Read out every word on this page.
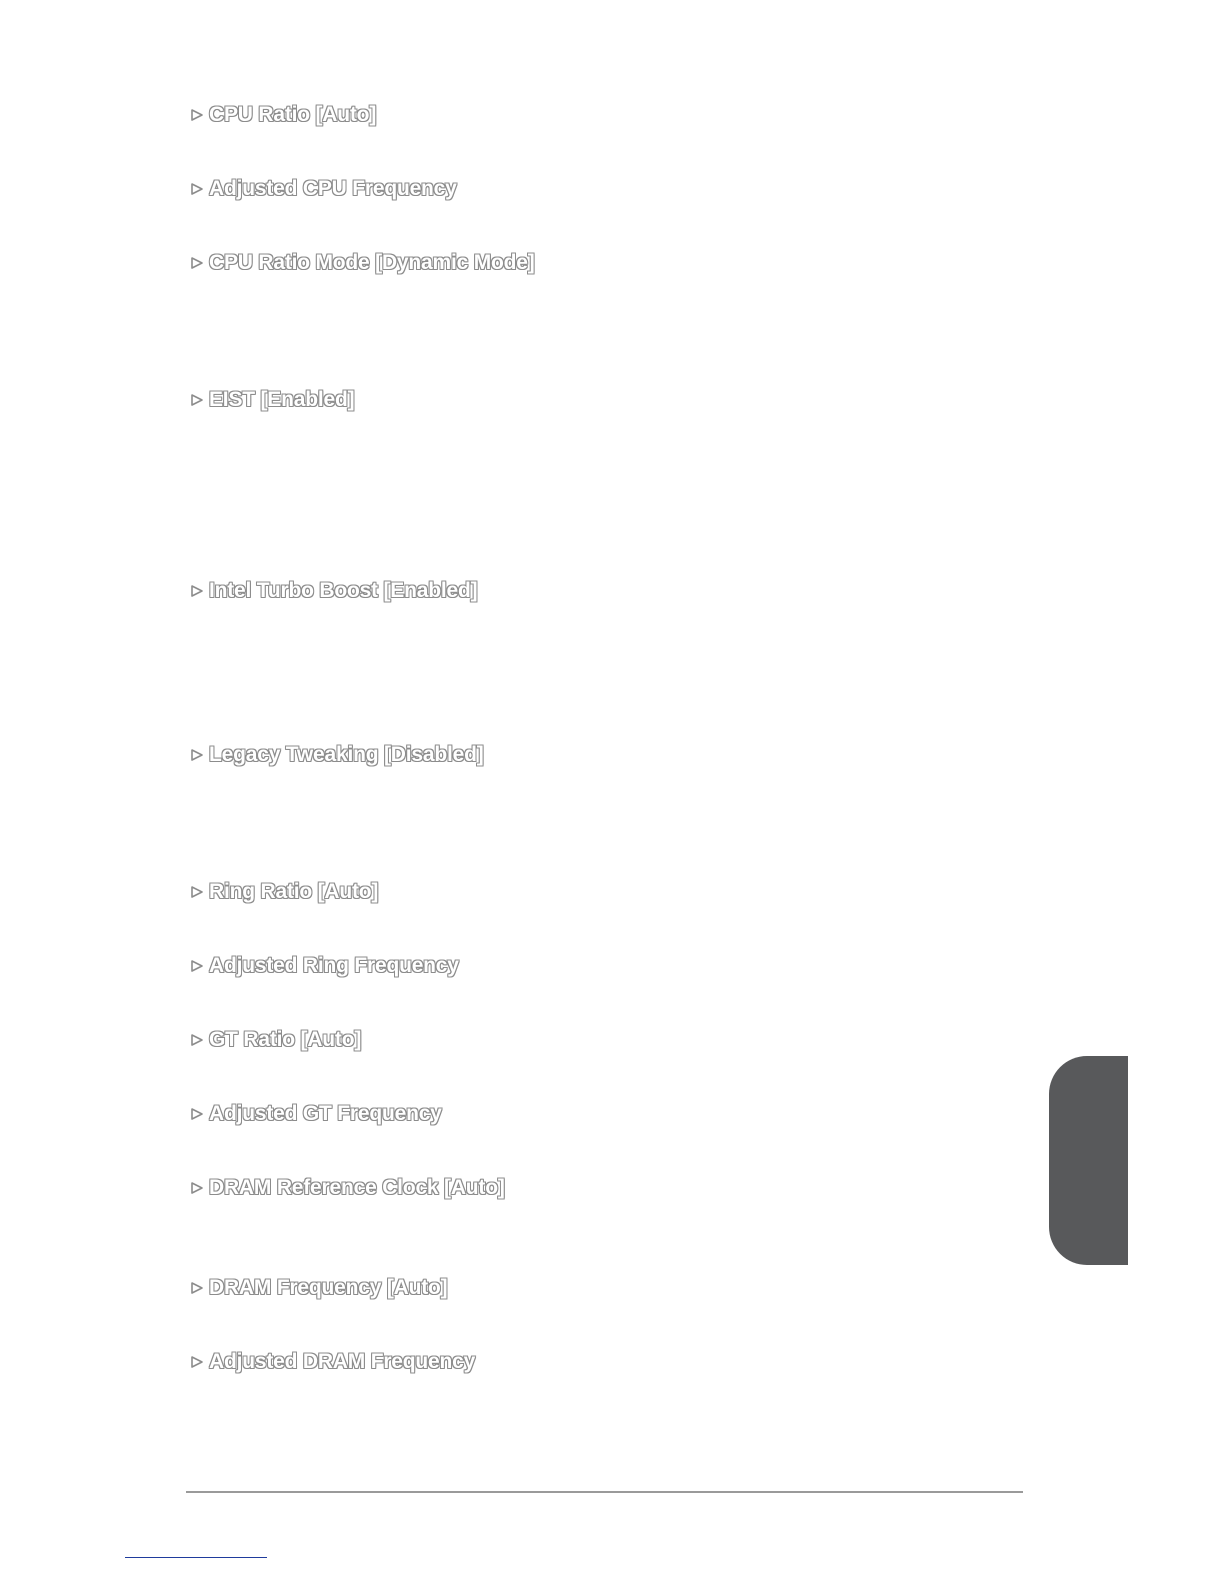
CPU Ratio [Auto]
Adjusted CPU Frequency
CPU Ratio Mode [Dynamic Mode]
EIST [Enabled]
Intel Turbo Boost [Enabled]
Legacy Tweaking [Disabled]
Ring Ratio [Auto]
Adjusted Ring Frequency
GT Ratio [Auto]
Adjusted GT Frequency
DRAM Reference Clock [Auto]
DRAM Frequency [Auto]
Adjusted DRAM Frequency
